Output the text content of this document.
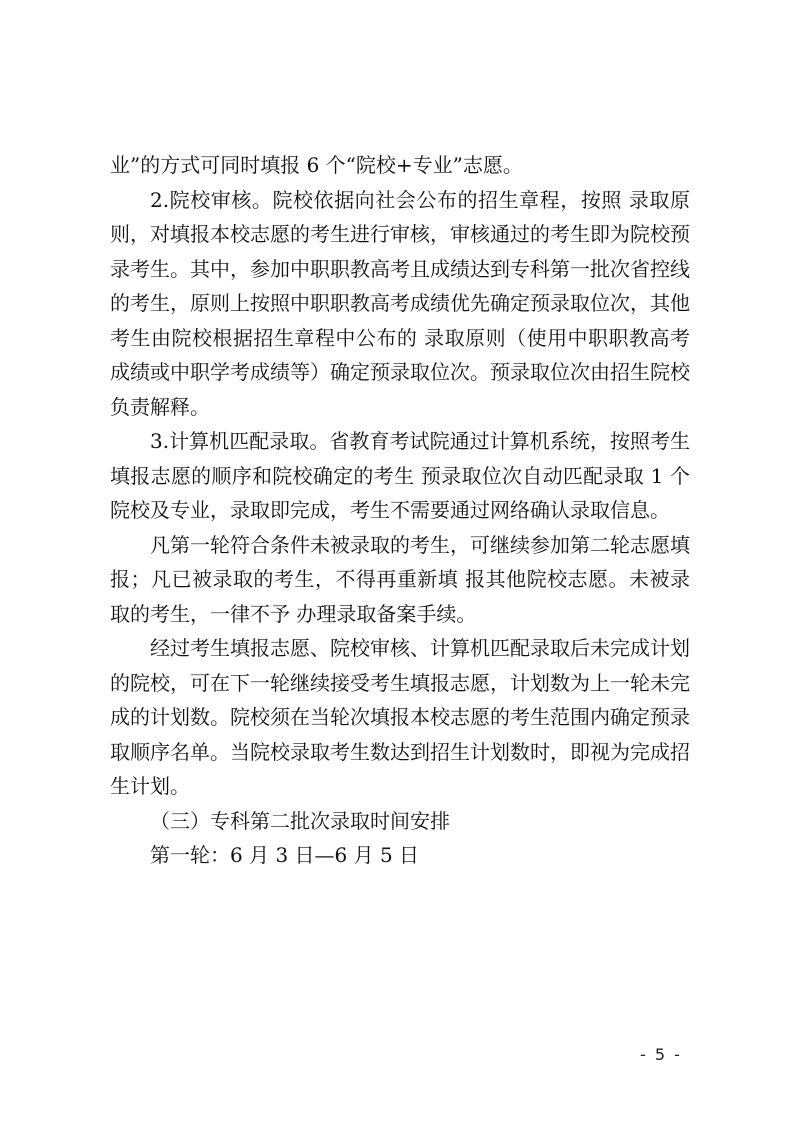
业”的方式可同时填报 6 个“院校+专业”志愿。

2.院校审核。院校依据向社会公布的招生章程，按照 录取原则，对填报本校志愿的考生进行审核，审核通过的考生即为院校预录考生。其中，参加中职职教高考且成绩达到专科第一批次省控线的考生，原则上按照中职职教高考成绩优先确定预录取位次，其他考生由院校根据招生章程中公布的 录取原则（使用中职职教高考成绩或中职学考成绩等）确定预录取位次。预录取位次由招生院校负责解释。

3.计算机匹配录取。省教育考试院通过计算机系统，按照考生填报志愿的顺序和院校确定的考生 预录取位次自动匹配录取 1 个院校及专业，录取即完成，考生不需要通过网络确认录取信息。

凡第一轮符合条件未被录取的考生，可继续参加第二轮志愿填报；凡已被录取的考生，不得再重新填 报其他院校志愿。未被录取的考生，一律不予 办理录取备案手续。

经过考生填报志愿、院校审核、计算机匹配录取后未完成计划的院校，可在下一轮继续接受考生填报志愿，计划数为上一轮未完成的计划数。院校须在当轮次填报本校志愿的考生范围内确定预录取顺序名单。当院校录取考生数达到招生计划数时，即视为完成招生计划。

（三）专科第二批次录取时间安排

第一轮：6 月 3 日—6 月 5 日

- 5 -
